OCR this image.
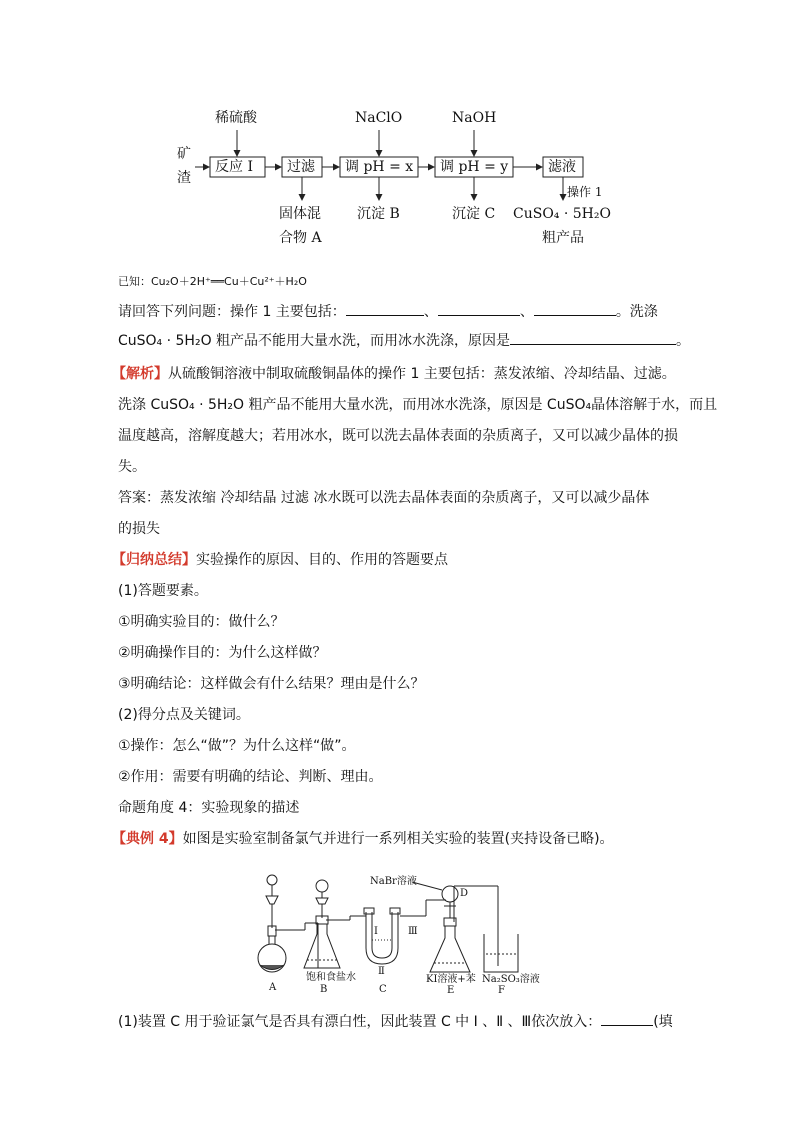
矿
渣
稀硫酸	NaClO	NaOH
反应 Ⅰ 过滤 调 pH = x 调 pH = y	滤液
固体混
合物 A
沉淀 B	沉淀 C
操作 1
CuSO₄ · 5H₂O
粗产品
已知：Cu₂O＋2H⁺══Cu＋Cu²⁺＋H₂O
请回答下列问题：操作 1 主要包括：	、	、	。洗涤
CuSO₄ · 5H₂O 粗产品不能用大量水洗，而用冰水洗涤，原因是	。
【解析】从硫酸铜溶液中制取硫酸铜晶体的操作 1 主要包括：蒸发浓缩、冷却结晶、过滤。
洗涤 CuSO₄ · 5H₂O 粗产品不能用大量水洗，而用冰水洗涤，原因是 CuSO₄晶体溶解于水，而且
温度越高，溶解度越大；若用冰水，既可以洗去晶体表面的杂质离子，又可以减少晶体的损
失。
答案：蒸发浓缩 冷却结晶 过滤 冰水既可以洗去晶体表面的杂质离子，又可以减少晶体
的损失
【归纳总结】实验操作的原因、目的、作用的答题要点
(1)答题要素。
①明确实验目的：做什么？
②明确操作目的：为什么这样做？
③明确结论：这样做会有什么结果？理由是什么？
(2)得分点及关键词。
①操作：怎么“做”？为什么这样“做”。
②作用：需要有明确的结论、判断、理由。
命题角度 4：实验现象的描述
【典例 4】如图是实验室制备氯气并进行一系列相关实验的装置(夹持设备已略)。
NaBr溶液
D
Ⅰ
Ⅱ
Ⅲ
饱和食盐水	KI溶液+苯 Na₂SO₃溶液
A	B	C	E	F
(1)装置 C 用于验证氯气是否具有漂白性，因此装置 C 中 Ⅰ 、Ⅱ 、Ⅲ依次放入：	(填
